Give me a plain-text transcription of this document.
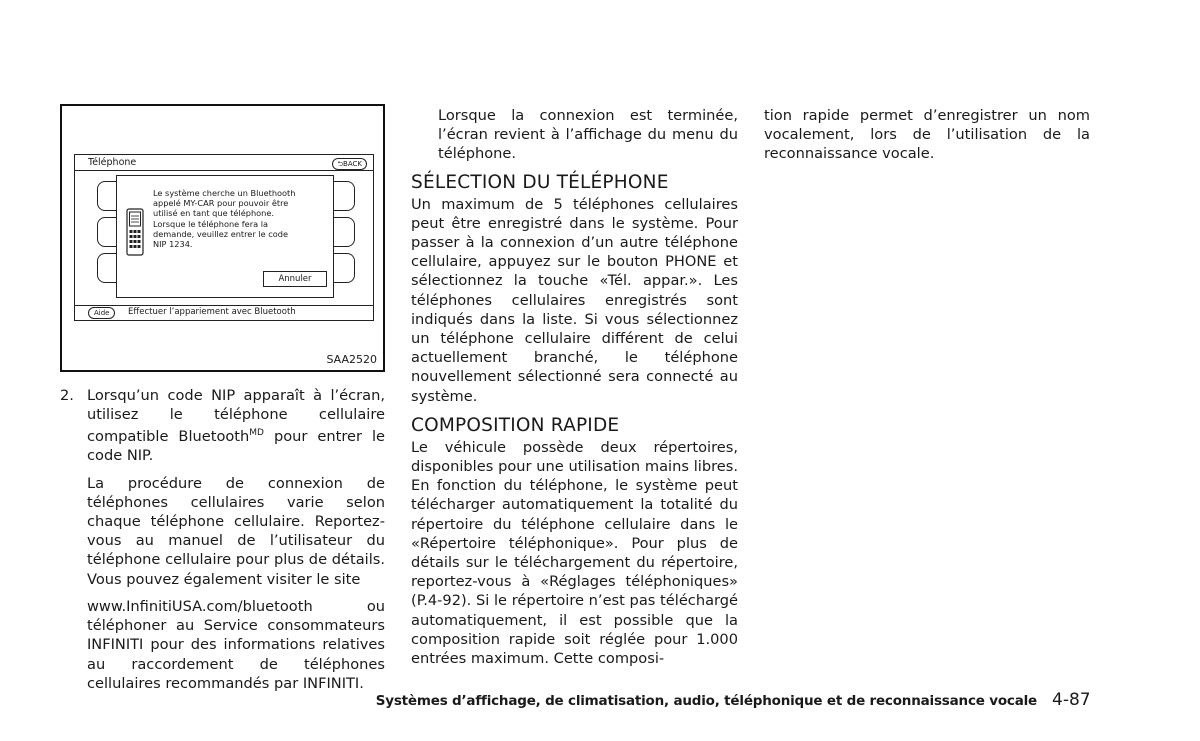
Téléphone	⮌BACK
Le système cherche un Bluethooth
appelé MY-CAR pour pouvoir être
utilisé en tant que téléphone.
Lorsque le téléphone fera la
demande, veuillez entrer le code
NIP 1234.
Annuler
Aide	Effectuer l’appariement avec Bluetooth
SAA2520
2. Lorsqu’un code NIP apparaît à l’écran, utilisez le téléphone cellulaire compatible Bluetooth$^{MD}$ pour entrer le code NIP.

La procédure de connexion de téléphones cellulaires varie selon chaque téléphone cellulaire. Reportez-vous au manuel de l’utilisateur du téléphone cellulaire pour plus de détails. Vous pouvez également visiter le site

www.InfinitiUSA.com/bluetooth ou téléphoner au Service consommateurs INFINITI pour des informations relatives au raccordement de téléphones cellulaires recommandés par INFINITI.

Lorsque la connexion est terminée, l’écran revient à l’affichage du menu du téléphone.

SÉLECTION DU TÉLÉPHONE

Un maximum de 5 téléphones cellulaires peut être enregistré dans le système. Pour passer à la connexion d’un autre téléphone cellulaire, appuyez sur le bouton PHONE et sélectionnez la touche «Tél. appar.». Les téléphones cellulaires enregistrés sont indiqués dans la liste. Si vous sélectionnez un téléphone cellulaire différent de celui actuellement branché, le téléphone nouvellement sélectionné sera connecté au système.

COMPOSITION RAPIDE

Le véhicule possède deux répertoires, disponibles pour une utilisation mains libres. En fonction du téléphone, le système peut télécharger automatiquement la totalité du répertoire du téléphone cellulaire dans le «Répertoire téléphonique». Pour plus de détails sur le téléchargement du répertoire, reportez-vous à «Réglages téléphoniques» (P.4-92). Si le répertoire n’est pas téléchargé automatiquement, il est possible que la composition rapide soit réglée pour 1.000 entrées maximum. Cette composi-

tion rapide permet d’enregistrer un nom vocalement, lors de l’utilisation de la reconnaissance vocale.

Systèmes d’affichage, de climatisation, audio, téléphonique et de reconnaissance vocale 4-87
